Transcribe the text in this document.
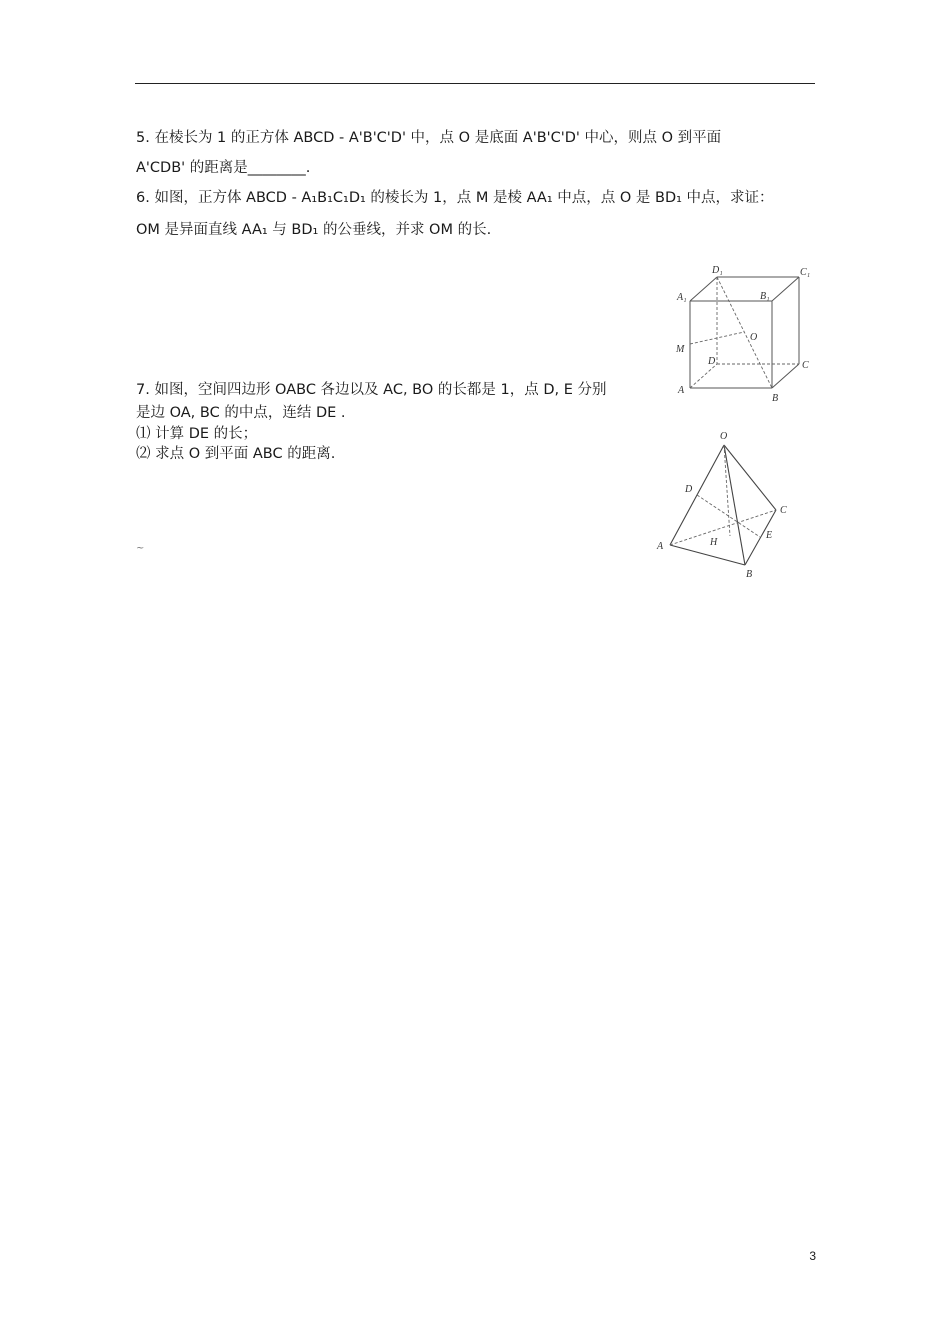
5. 在棱长为 1 的正方体 ABCD - A'B'C'D' 中，点 O 是底面 A'B'C'D' 中心，则点 O 到平面
A'CDB' 的距离是________.
6. 如图，正方体 ABCD - A₁B₁C₁D₁ 的棱长为 1，点 M 是棱 AA₁ 中点，点 O 是 BD₁ 中点，求证：
OM 是异面直线 AA₁ 与 BD₁ 的公垂线，并求 OM 的长.
D₁	C₁
A₁	B₁
O
M
D	C
A
B
7. 如图，空间四边形 OABC 各边以及 AC, BO 的长都是 1，点 D, E 分别
是边 OA, BC 的中点，连结 DE .
⑴ 计算 DE 的长；
⑵ 求点 O 到平面 ABC 的距离.
O
D
C
A	H
E
B
~
3
